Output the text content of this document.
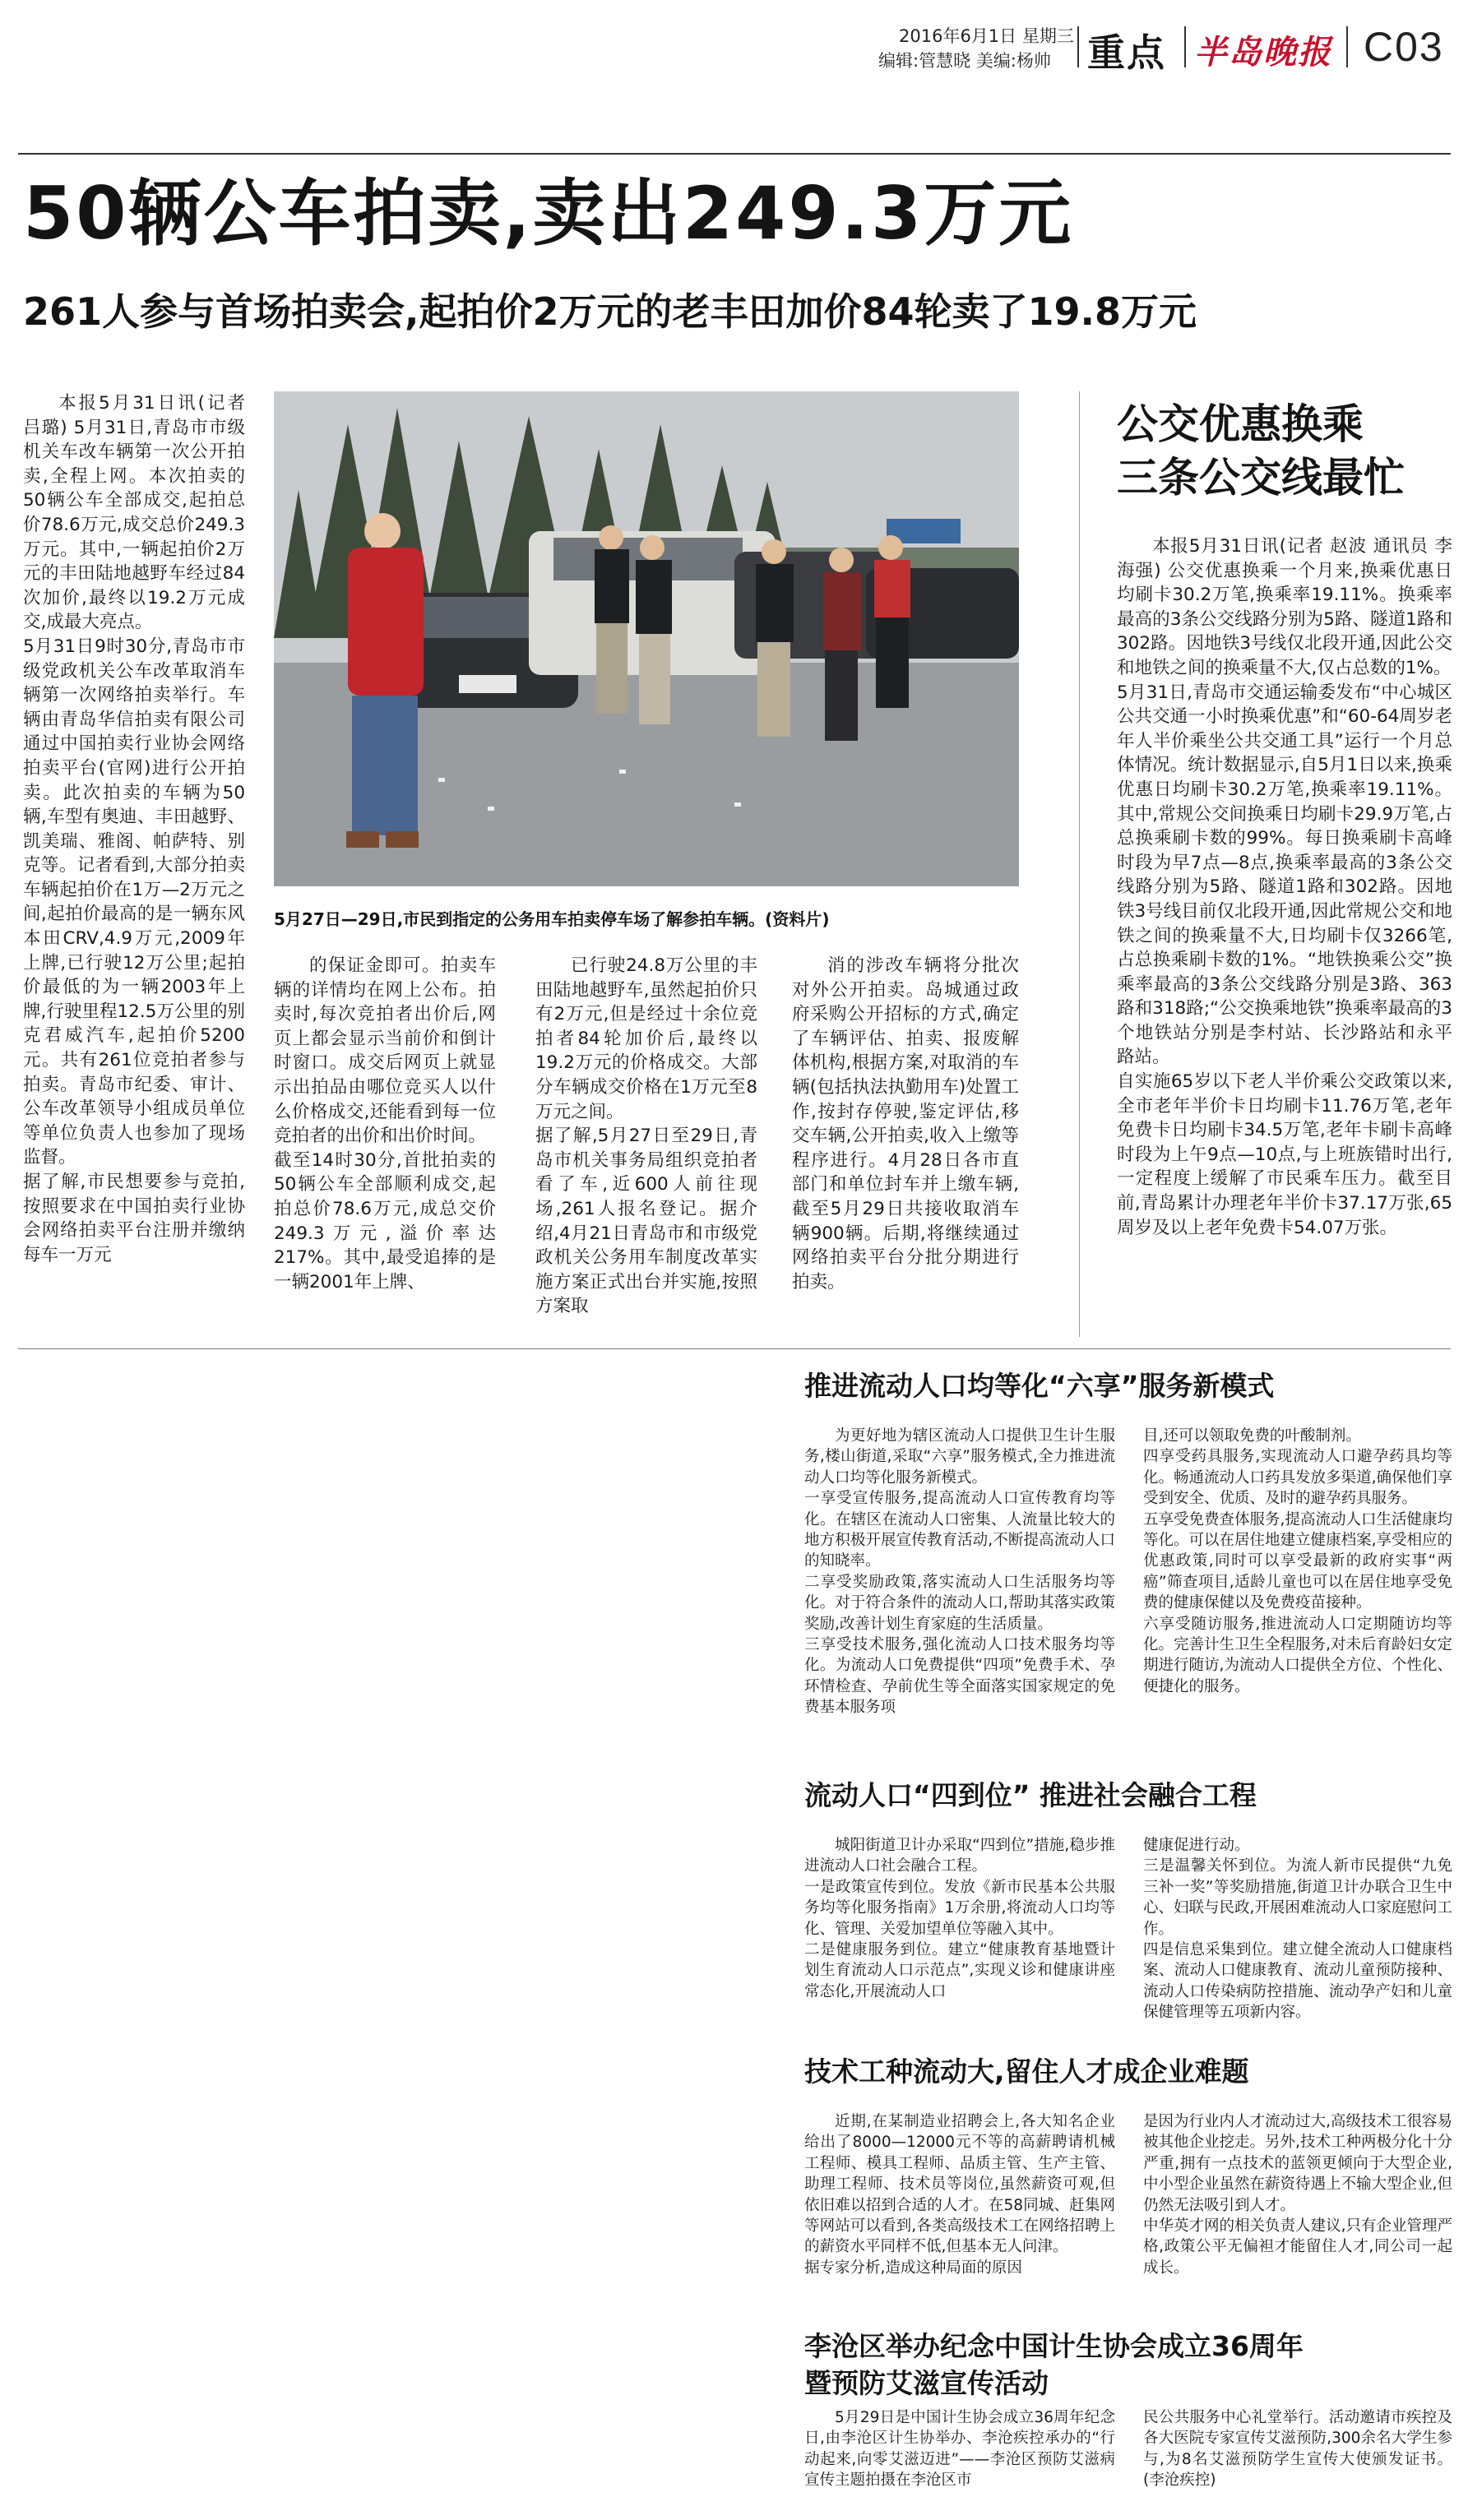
2016年6月1日 星期三
编辑:管慧晓 美编:杨帅 重点 半岛晚报 C03
50辆公车拍卖,卖出249.3万元
261人参与首场拍卖会,起拍价2万元的老丰田加价84轮卖了19.8万元
5月27日—29日,市民到指定的公务用车拍卖停车场了解参拍车辆。(资料片)
本报5月31日讯(记者 吕璐) 5月31日,青岛市市级机关车改车辆第一次公开拍卖,全程上网。本次拍卖的50辆公车全部成交,起拍总价78.6万元,成交总价249.3万元。其中,一辆起拍价2万元的丰田陆地越野车经过84次加价,最终以19.2万元成交,成最大亮点。
5月31日9时30分,青岛市市级党政机关公车改革取消车辆第一次网络拍卖举行。车辆由青岛华信拍卖有限公司通过中国拍卖行业协会网络拍卖平台(官网)进行公开拍卖。此次拍卖的车辆为50辆,车型有奥迪、丰田越野、凯美瑞、雅阁、帕萨特、别克等。记者看到,大部分拍卖车辆起拍价在1万—2万元之间,起拍价最高的是一辆东风本田CRV,4.9万元,2009年上牌,已行驶12万公里;起拍价最低的为一辆2003年上牌,行驶里程12.5万公里的别克君威汽车,起拍价5200元。共有261位竞拍者参与拍卖。青岛市纪委、审计、公车改革领导小组成员单位等单位负责人也参加了现场监督。
据了解,市民想要参与竞拍,按照要求在中国拍卖行业协会网络拍卖平台注册并缴纳每车一万元
的保证金即可。拍卖车辆的详情均在网上公布。拍卖时,每次竞拍者出价后,网页上都会显示当前价和倒计时窗口。成交后网页上就显示出拍品由哪位竞买人以什么价格成交,还能看到每一位竞拍者的出价和出价时间。
截至14时30分,首批拍卖的50辆公车全部顺利成交,起拍总价78.6万元,成总交价249.3万元,溢价率达217%。其中,最受追捧的是一辆2001年上牌、
已行驶24.8万公里的丰田陆地越野车,虽然起拍价只有2万元,但是经过十余位竞拍者84轮加价后,最终以19.2万元的价格成交。大部分车辆成交价格在1万元至8万元之间。
据了解,5月27日至29日,青岛市机关事务局组织竞拍者看了车,近600人前往现场,261人报名登记。据介绍,4月21日青岛市和市级党政机关公务用车制度改革实施方案正式出台并实施,按照方案取
消的涉改车辆将分批次对外公开拍卖。岛城通过政府采购公开招标的方式,确定了车辆评估、拍卖、报废解体机构,根据方案,对取消的车辆(包括执法执勤用车)处置工作,按封存停驶,鉴定评估,移交车辆,公开拍卖,收入上缴等程序进行。4月28日各市直部门和单位封车并上缴车辆,截至5月29日共接收取消车辆900辆。后期,将继续通过网络拍卖平台分批分期进行拍卖。
公交优惠换乘
三条公交线最忙
本报5月31日讯(记者 赵波 通讯员 李海强) 公交优惠换乘一个月来,换乘优惠日均刷卡30.2万笔,换乘率19.11%。换乘率最高的3条公交线路分别为5路、隧道1路和302路。因地铁3号线仅北段开通,因此公交和地铁之间的换乘量不大,仅占总数的1%。
5月31日,青岛市交通运输委发布“中心城区公共交通一小时换乘优惠”和“60-64周岁老年人半价乘坐公共交通工具”运行一个月总体情况。统计数据显示,自5月1日以来,换乘优惠日均刷卡30.2万笔,换乘率19.11%。其中,常规公交间换乘日均刷卡29.9万笔,占总换乘刷卡数的99%。每日换乘刷卡高峰时段为早7点—8点,换乘率最高的3条公交线路分别为5路、隧道1路和302路。因地铁3号线目前仅北段开通,因此常规公交和地铁之间的换乘量不大,日均刷卡仅3266笔,占总换乘刷卡数的1%。“地铁换乘公交”换乘率最高的3条公交线路分别是3路、363路和318路;“公交换乘地铁”换乘率最高的3个地铁站分别是李村站、长沙路站和永平路站。
自实施65岁以下老人半价乘公交政策以来,全市老年半价卡日均刷卡11.76万笔,老年免费卡日均刷卡34.5万笔,老年卡刷卡高峰时段为上午9点—10点,与上班族错时出行,一定程度上缓解了市民乘车压力。截至目前,青岛累计办理老年半价卡37.17万张,65周岁及以上老年免费卡54.07万张。
推进流动人口均等化“六享”服务新模式
为更好地为辖区流动人口提供卫生计生服务,楼山街道,采取“六享”服务模式,全力推进流动人口均等化服务新模式。
一享受宣传服务,提高流动人口宣传教育均等化。在辖区在流动人口密集、人流量比较大的地方积极开展宣传教育活动,不断提高流动人口的知晓率。
二享受奖励政策,落实流动人口生活服务均等化。对于符合条件的流动人口,帮助其落实政策奖励,改善计划生育家庭的生活质量。
三享受技术服务,强化流动人口技术服务均等化。为流动人口免费提供“四项”免费手术、孕环情检查、孕前优生等全面落实国家规定的免费基本服务项
目,还可以领取免费的叶酸制剂。
四享受药具服务,实现流动人口避孕药具均等化。畅通流动人口药具发放多渠道,确保他们享受到安全、优质、及时的避孕药具服务。
五享受免费查体服务,提高流动人口生活健康均等化。可以在居住地建立健康档案,享受相应的优惠政策,同时可以享受最新的政府实事“两癌”筛查项目,适龄儿童也可以在居住地享受免费的健康保健以及免费疫苗接种。
六享受随访服务,推进流动人口定期随访均等化。完善计生卫生全程服务,对未后育龄妇女定期进行随访,为流动人口提供全方位、个性化、便捷化的服务。
流动人口“四到位” 推进社会融合工程
城阳街道卫计办采取“四到位”措施,稳步推进流动人口社会融合工程。
一是政策宣传到位。发放《新市民基本公共服务均等化服务指南》1万余册,将流动人口均等化、管理、关爱加望单位等融入其中。
二是健康服务到位。建立“健康教育基地暨计划生育流动人口示范点”,实现义诊和健康讲座常态化,开展流动人口
健康促进行动。
三是温馨关怀到位。为流人新市民提供“九免三补一奖”等奖励措施,街道卫计办联合卫生中心、妇联与民政,开展困难流动人口家庭慰问工作。
四是信息采集到位。建立健全流动人口健康档案、流动人口健康教育、流动儿童预防接种、流动人口传染病防控措施、流动孕产妇和儿童保健管理等五项新内容。
技术工种流动大,留住人才成企业难题
近期,在某制造业招聘会上,各大知名企业给出了8000—12000元不等的高薪聘请机械工程师、模具工程师、品质主管、生产主管、助理工程师、技术员等岗位,虽然薪资可观,但依旧难以招到合适的人才。在58同城、赶集网等网站可以看到,各类高级技术工在网络招聘上的薪资水平同样不低,但基本无人问津。
据专家分析,造成这种局面的原因
是因为行业内人才流动过大,高级技术工很容易被其他企业挖走。另外,技术工种两极分化十分严重,拥有一点技术的蓝领更倾向于大型企业,中小型企业虽然在薪资待遇上不输大型企业,但仍然无法吸引到人才。
中华英才网的相关负责人建议,只有企业管理严格,政策公平无偏袒才能留住人才,同公司一起成长。
李沧区举办纪念中国计生协会成立36周年
暨预防艾滋宣传活动
5月29日是中国计生协会成立36周年纪念日,由李沧区计生协举办、李沧疾控承办的“行动起来,向零艾滋迈进”——李沧区预防艾滋病宣传主题拍摄在李沧区市
民公共服务中心礼堂举行。活动邀请市疾控及各大医院专家宣传艾滋预防,300余名大学生参与,为8名艾滋预防学生宣传大使颁发证书。(李沧疾控)
